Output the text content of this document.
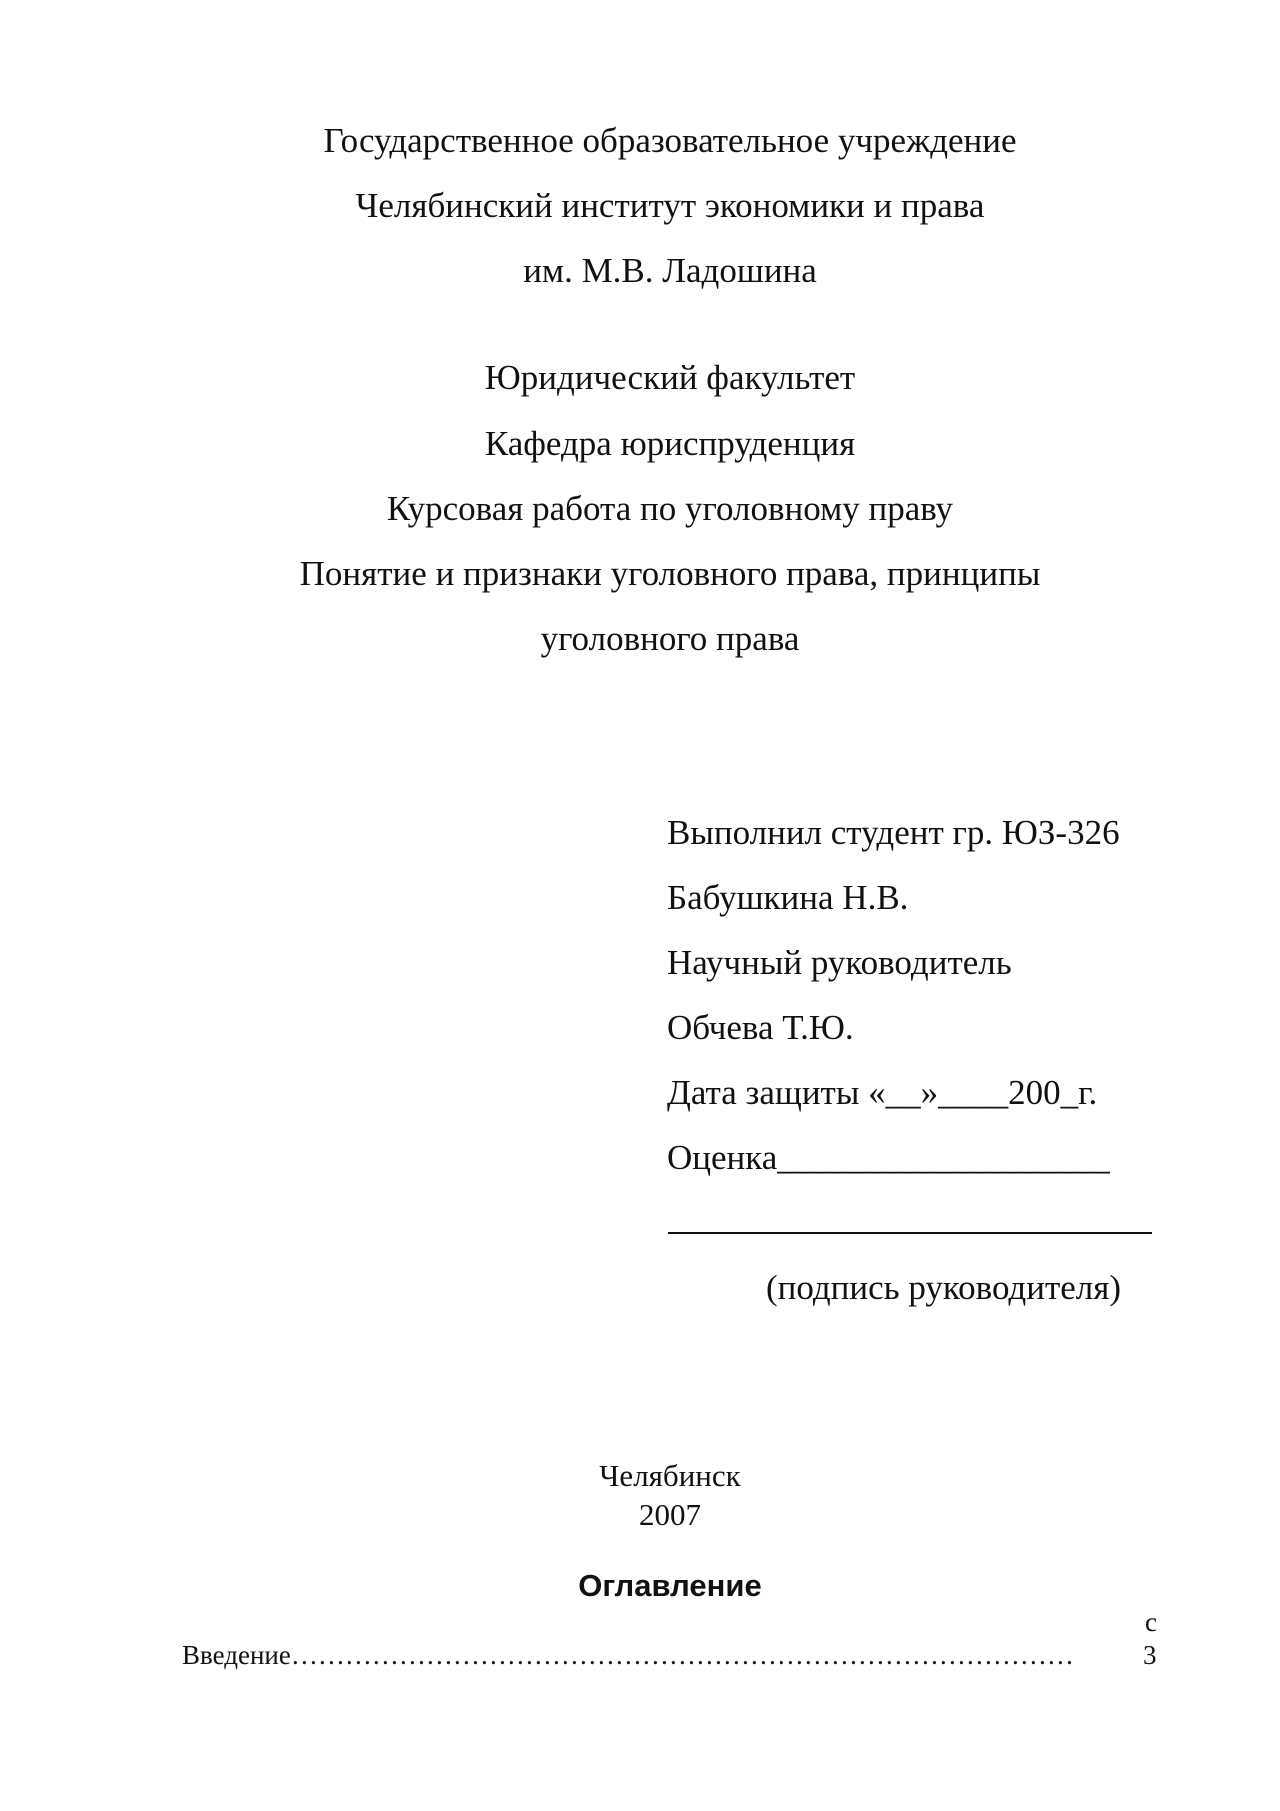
Государственное образовательное учреждение
Челябинский институт экономики и права
им. М.В. Ладошина
Юридический факультет
Кафедра юриспруденция
Курсовая работа по уголовному праву
Понятие и признаки уголовного права, принципы
уголовного права
Выполнил студент гр. ЮЗ-326
Бабушкина Н.В.
Научный руководитель
Обчева Т.Ю.
Дата защиты «__»____200_г.
Оценка___________________
(подпись руководителя)
Челябинск
2007
Оглавление
с
Введение……………………………………………………………………………	3
